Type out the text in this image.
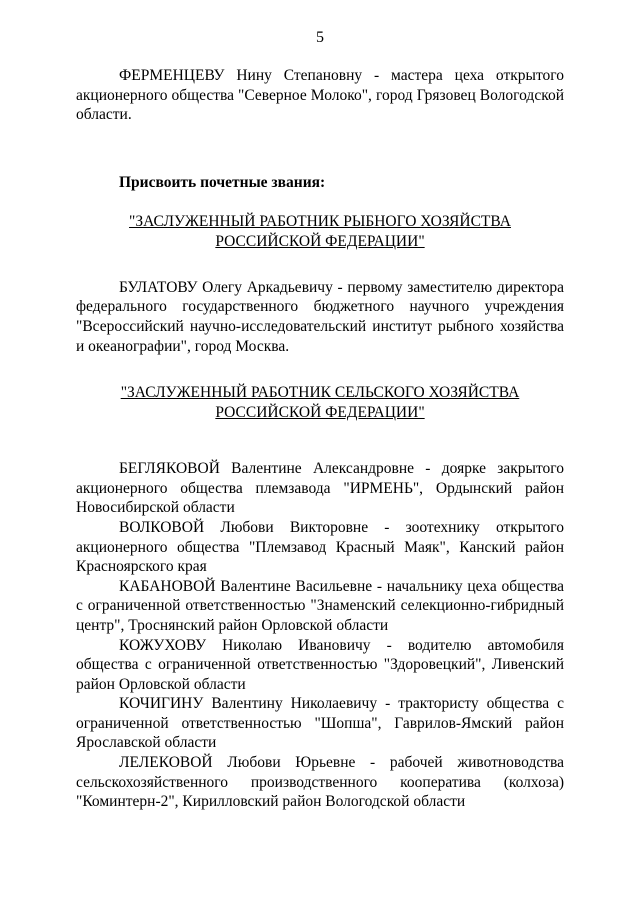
5

ФЕРМЕНЦЕВУ Нину Степановну - мастера цеха открытого акционерного общества "Северное Молоко", город Грязовец Вологодской области.

Присвоить почетные звания:

"ЗАСЛУЖЕННЫЙ РАБОТНИК РЫБНОГО ХОЗЯЙСТВА
РОССИЙСКОЙ ФЕДЕРАЦИИ"

БУЛАТОВУ Олегу Аркадьевичу - первому заместителю директора федерального государственного бюджетного научного учреждения "Всероссийский научно-исследовательский институт рыбного хозяйства и океанографии", город Москва.

"ЗАСЛУЖЕННЫЙ РАБОТНИК СЕЛЬСКОГО ХОЗЯЙСТВА
РОССИЙСКОЙ ФЕДЕРАЦИИ"

БЕГЛЯКОВОЙ Валентине Александровне - доярке закрытого акционерного общества племзавода "ИРМЕНЬ", Ордынский район Новосибирской области

ВОЛКОВОЙ Любови Викторовне - зоотехнику открытого акционерного общества "Племзавод Красный Маяк", Канский район Красноярского края

КАБАНОВОЙ Валентине Васильевне - начальнику цеха общества с ограниченной ответственностью "Знаменский селекционно-гибридный центр", Троснянский район Орловской области

КОЖУХОВУ Николаю Ивановичу - водителю автомобиля общества с ограниченной ответственностью "Здоровецкий", Ливенский район Орловской области

КОЧИГИНУ Валентину Николаевичу - трактористу общества с ограниченной ответственностью "Шопша", Гаврилов-Ямский район Ярославской области

ЛЕЛЕКОВОЙ Любови Юрьевне - рабочей животноводства сельскохозяйственного производственного кооператива (колхоза) "Коминтерн-2", Кирилловский район Вологодской области
